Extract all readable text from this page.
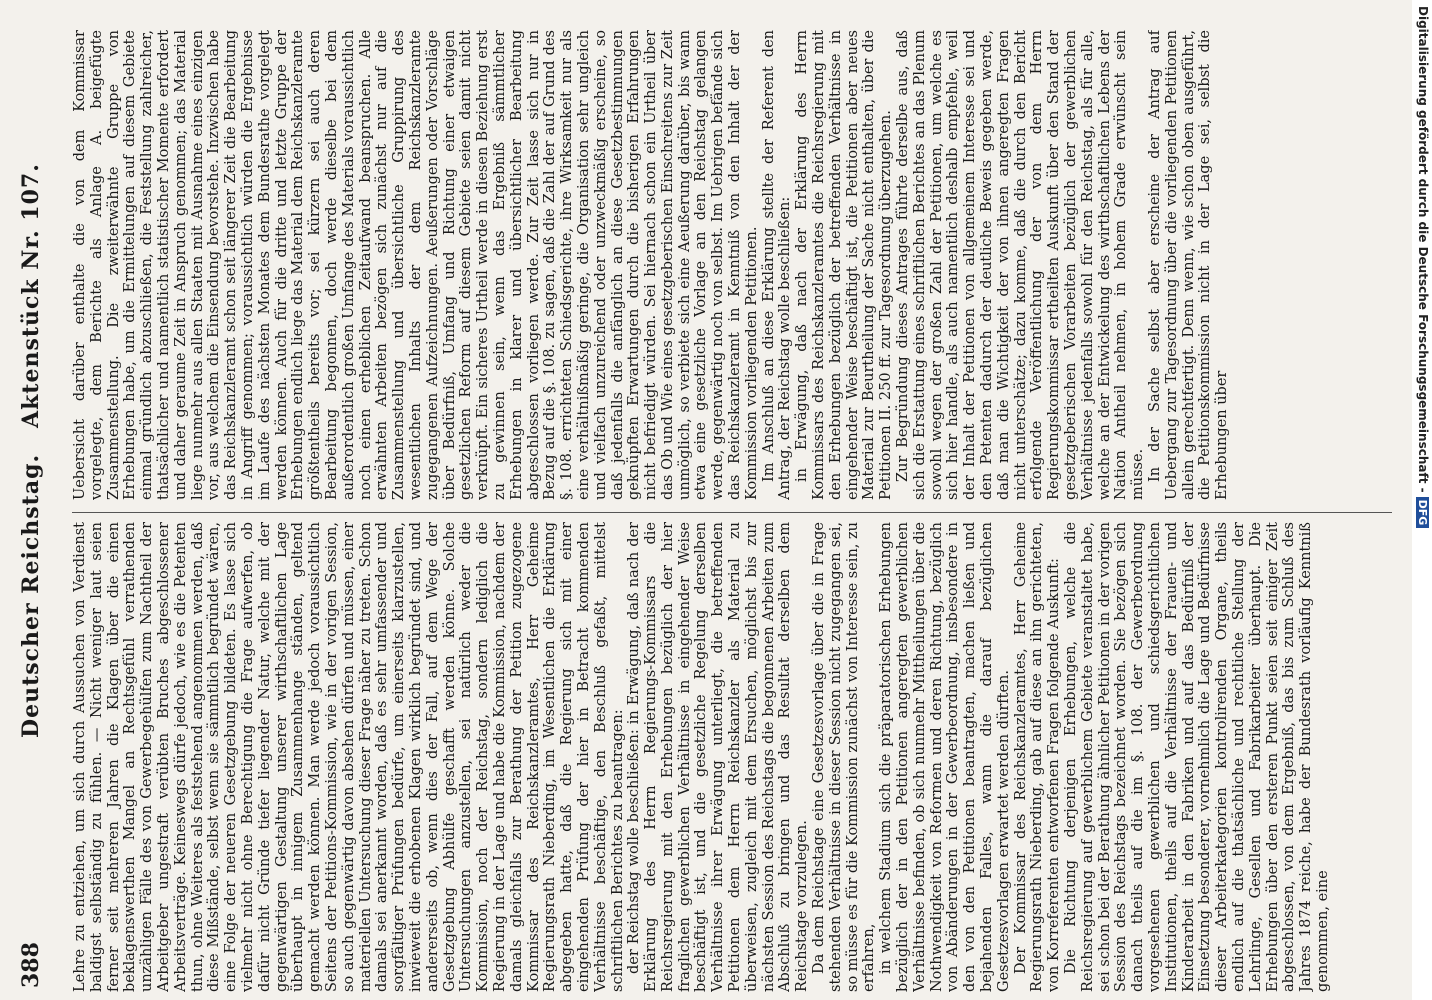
388
Deutscher Reichstag.
Aktenstück Nr. 107.

Lehre zu entziehen, um sich durch Aussuchen von Verdienst baldigst selbständig zu fühlen. — Nicht weniger laut seien ferner seit mehreren Jahren die Klagen über die einen beklagenswerthen Mangel an Rechtsgefühl verrathenden unzähligen Fälle des von Gewerbegehülfen zum Nachtheil der Arbeitgeber ungestraft verübten Bruches abgeschlossener Arbeitsverträge. Keineswegs dürfe jedoch, wie es die Petenten thun, ohne Weiteres als feststehend angenommen werden, daß diese Mißstände, selbst wenn sie sämmtlich begründet wären, eine Folge der neueren Gesetzgebung bildeten. Es lasse sich vielmehr nicht ohne Berechtigung die Frage aufwerfen, ob dafür nicht Gründe tiefer liegender Natur, welche mit der gegenwärtigen Gestaltung unserer wirthschaftlichen Lage überhaupt in innigem Zusammenhange ständen, geltend gemacht werden können. Man werde jedoch voraussichtlich Seitens der Petitions-Kommission, wie in der vorigen Session, so auch gegenwärtig davon absehen dürfen und müssen, einer materiellen Untersuchung dieser Frage näher zu treten. Schon damals sei anerkannt worden, daß es sehr umfassender und sorgfältiger Prüfungen bedürfe, um einerseits klarzustellen, inwieweit die erhobenen Klagen wirklich begründet sind, und andererseits ob, wenn dies der Fall, auf dem Wege der Gesetzgebung Abhülfe geschafft werden könne. Solche Untersuchungen anzustellen, sei natürlich weder die Kommission, noch der Reichstag, sondern lediglich die Regierung in der Lage und habe die Kommission, nachdem der damals gleichfalls zur Berathung der Petition zugezogene Kommissar des Reichskanzleramtes, Herr Geheime Regierungsrath Nieberding, im Wesentlichen die Erklärung abgegeben hatte, daß die Regierung sich mit einer eingehenden Prüfung der hier in Betracht kommenden Verhältnisse beschäftige, den Beschluß gefaßt, mittelst schriftlichen Berichtes zu beantragen: der Reichstag wolle beschließen: in Erwägung, daß nach der Erklärung des Herrn Regierungs-Kommissars die Reichsregierung mit den Erhebungen bezüglich der hier fraglichen gewerblichen Verhältnisse in eingehender Weise beschäftigt ist, und die gesetzliche Regelung derselben Verhältnisse ihrer Erwägung unterliegt, die betreffenden Petitionen dem Herrn Reichskanzler als Material zu überweisen, zugleich mit dem Ersuchen, möglichst bis zur nächsten Session des Reichstags die begonnenen Arbeiten zum Abschluß zu bringen und das Resultat derselben dem Reichstage vorzulegen. Da dem Reichstage eine Gesetzesvorlage über die in Frage stehenden Verhältnisse in dieser Session nicht zugegangen sei, so müsse es für die Kommission zunächst von Interesse sein, zu erfahren, in welchem Stadium sich die präparatorischen Erhebungen bezüglich der in den Petitionen angeregten gewerblichen Verhältnisse befinden, ob sich nunmehr Mittheilungen über die Nothwendigkeit von Reformen und deren Richtung, bezüglich von Abänderungen in der Gewerbeordnung, insbesondere in den von den Petitionen beantragten, machen ließen und bejahenden Falles, wann die darauf bezüglichen Gesetzesvorlagen erwartet werden dürften. Der Kommissar des Reichskanzleramtes, Herr Geheime Regierungsrath Nieberding, gab auf diese an ihn gerichteten, von Korreferenten entworfenen Fragen folgende Auskunft: Die Richtung derjenigen Erhebungen, welche die Reichsregierung auf gewerblichem Gebiete veranstaltet habe, sei schon bei der Berathung ähnlicher Petitionen in der vorigen Session des Reichstags bezeichnet worden. Sie bezögen sich danach theils auf die im §. 108. der Gewerbeordnung vorgesehenen gewerblichen und schiedsgerichtlichen Institutionen, theils auf die Verhältnisse der Frauen- und Kinderarbeit in den Fabriken und auf das Bedürfniß der Einsetzung besonderer, vornehmlich die Lage und Bedürfnisse dieser Arbeiterkategorien kontrolirenden Organe, theils endlich auf die thatsächliche und rechtliche Stellung der Lehrlinge, Gesellen und Fabrikarbeiter überhaupt. Die Erhebungen über den ersteren Punkt seien seit einiger Zeit abgeschlossen, von dem Ergebniß, das bis zum Schluß des Jahres 1874 reiche, habe der Bundesrath vorläufig Kenntniß genommen, eine

Uebersicht darüber enthalte die von dem Kommissar vorgelegte, dem Berichte als Anlage A. beigefügte Zusammenstellung. Die zweiterwähnte Gruppe von Erhebungen habe, um die Ermittelungen auf diesem Gebiete einmal gründlich abzuschließen, die Feststellung zahlreicher, thatsächlicher und namentlich statistischer Momente erfordert und daher geraume Zeit in Anspruch genommen; das Material liege nunmehr aus allen Staaten mit Ausnahme eines einzigen vor, aus welchem die Einsendung bevorstehe. Inzwischen habe das Reichskanzleramt schon seit längerer Zeit die Bearbeitung in Angriff genommen; voraussichtlich würden die Ergebnisse im Laufe des nächsten Monates dem Bundesrathe vorgelegt werden können. Auch für die dritte und letzte Gruppe der Erhebungen endlich liege das Material dem Reichskanzleramte größtentheils bereits vor; sei kürzern sei auch deren Bearbeitung begonnen, doch werde dieselbe bei dem außerordentlich großen Umfange des Materials voraussichtlich noch einen erheblichen Zeitaufwand beanspruchen. Alle erwähnten Arbeiten bezögen sich zunächst nur auf die Zusammenstellung und übersichtliche Gruppirung des wesentlichen Inhalts der dem Reichskanzleramte zugegangenen Aufzeichnungen. Aeußerungen oder Vorschläge über Bedürfniß, Umfang und Richtung einer etwaigen gesetzlichen Reform auf diesem Gebiete seien damit nicht verknüpft. Ein sicheres Urtheil werde in diesen Beziehung erst zu gewinnen sein, wenn das Ergebniß sämmtlicher Erhebungen in klarer und übersichtlicher Bearbeitung abgeschlossen vorliegen werde. Zur Zeit lasse sich nur in Bezug auf die §. 108. zu sagen, daß die Zahl der auf Grund des §. 108. errichteten Schiedsgerichte, ihre Wirksamkeit nur als eine verhältnißmäßig geringe, die Organisation sehr ungleich und vielfach unzureichend oder unzweckmäßig erscheine, so daß jedenfalls die anfänglich an diese Gesetzbestimmungen geknüpften Erwartungen durch die bisherigen Erfahrungen nicht befriedigt würden. Sei hiernach schon ein Urtheil über das Ob und Wie eines gesetzgeberischen Einschreitens zur Zeit unmöglich, so verbiete sich eine Aeußerung darüber, bis wann etwa eine gesetzliche Vorlage an den Reichstag gelangen werde, gegenwärtig noch von selbst. Im Uebrigen befände sich das Reichskanzleramt in Kenntniß von den Inhalt der der Kommission vorliegenden Petitionen. Im Anschluß an diese Erklärung stellte der Referent den Antrag, der Reichstag wolle beschließen: in Erwägung, daß nach der Erklärung des Herrn Kommissars des Reichskanzleramtes die Reichsregierung mit den Erhebungen bezüglich der betreffenden Verhältnisse in eingehender Weise beschäftigt ist, die Petitionen aber neues Material zur Beurtheilung der Sache nicht enthalten, über die Petitionen II. 250 ff. zur Tagesordnung überzugehen. Zur Begründung dieses Antrages führte derselbe aus, daß sich die Erstattung eines schriftlichen Berichtes an das Plenum sowohl wegen der großen Zahl der Petitionen, um welche es sich hier handle, als auch namentlich deshalb empfehle, weil der Inhalt der Petitionen von allgemeinem Interesse sei und den Petenten dadurch der deutliche Beweis gegeben werde, daß man die Wichtigkeit der von ihnen angeregten Fragen nicht unterschätze; dazu komme, daß die durch den Bericht erfolgende Veröffentlichung der von dem Herrn Regierungskommissar ertheilten Auskunft über den Stand der gesetzgeberischen Vorarbeiten bezüglich der gewerblichen Verhältnisse jedenfalls sowohl für den Reichstag, als für alle, welche an der Entwickelung des wirthschaftlichen Lebens der Nation Antheil nehmen, in hohem Grade erwünscht sein müsse. In der Sache selbst aber erscheine der Antrag auf Uebergang zur Tagesordnung über die vorliegenden Petitionen allein gerechtfertigt. Denn wenn, wie schon oben ausgeführt, die Petitionskommission nicht in der Lage sei, selbst die Erhebungen über	Digitalisierung gefördert durch die Deutsche Forschungsgemeinschaft -DFG
